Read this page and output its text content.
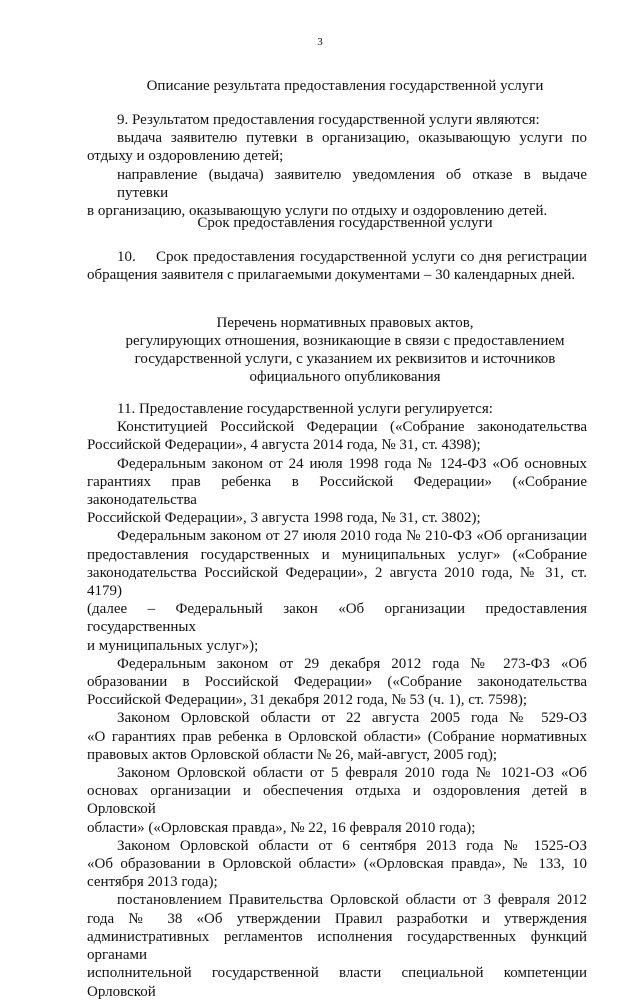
3
Описание результата предоставления государственной услуги
9. Результатом предоставления государственной услуги являются:
выдача заявителю путевки в организацию, оказывающую услуги по
отдыху и оздоровлению детей;
направление (выдача) заявителю уведомления об отказе в выдаче путевки
в организацию, оказывающую услуги по отдыху и оздоровлению детей.
Срок предоставления государственной услуги
10.    Срок предоставления государственной услуги со дня регистрации
обращения заявителя с прилагаемыми документами – 30 календарных дней.
Перечень нормативных правовых актов,
регулирующих отношения, возникающие в связи с предоставлением
государственной услуги, с указанием их реквизитов и источников
официального опубликования
11. Предоставление государственной услуги регулируется:
Конституцией Российской Федерации («Собрание законодательства
Российской Федерации», 4 августа 2014 года, № 31, ст. 4398);
Федеральным законом от 24 июля 1998 года № 124-ФЗ «Об основных
гарантиях прав ребенка в Российской Федерации» («Собрание законодательства
Российской Федерации», 3 августа 1998 года, № 31, ст. 3802);
Федеральным законом от 27 июля 2010 года № 210-ФЗ «Об организации
предоставления государственных и муниципальных услуг» («Собрание
законодательства Российской Федерации», 2 августа 2010 года, № 31, ст. 4179)
(далее – Федеральный закон «Об организации предоставления государственных
и муниципальных услуг»);
Федеральным законом от 29 декабря 2012 года № 273-ФЗ «Об
образовании в Российской Федерации» («Собрание законодательства
Российской Федерации», 31 декабря 2012 года, № 53 (ч. 1), ст. 7598);
Законом Орловской области от 22 августа 2005 года № 529-ОЗ
«О гарантиях прав ребенка в Орловской области» (Собрание нормативных
правовых актов Орловской области № 26, май-август, 2005 год);
Законом Орловской области от 5 февраля 2010 года № 1021-ОЗ «Об
основах организации и обеспечения отдыха и оздоровления детей в Орловской
области» («Орловская правда», № 22, 16 февраля 2010 года);
Законом Орловской области от 6 сентября 2013 года № 1525-ОЗ
«Об образовании в Орловской области» («Орловская правда», № 133, 10
сентября 2013 года);
постановлением Правительства Орловской области от 3 февраля 2012
года № 38 «Об утверждении Правил разработки и утверждения
административных регламентов исполнения государственных функций органами
исполнительной государственной власти специальной компетенции Орловской
